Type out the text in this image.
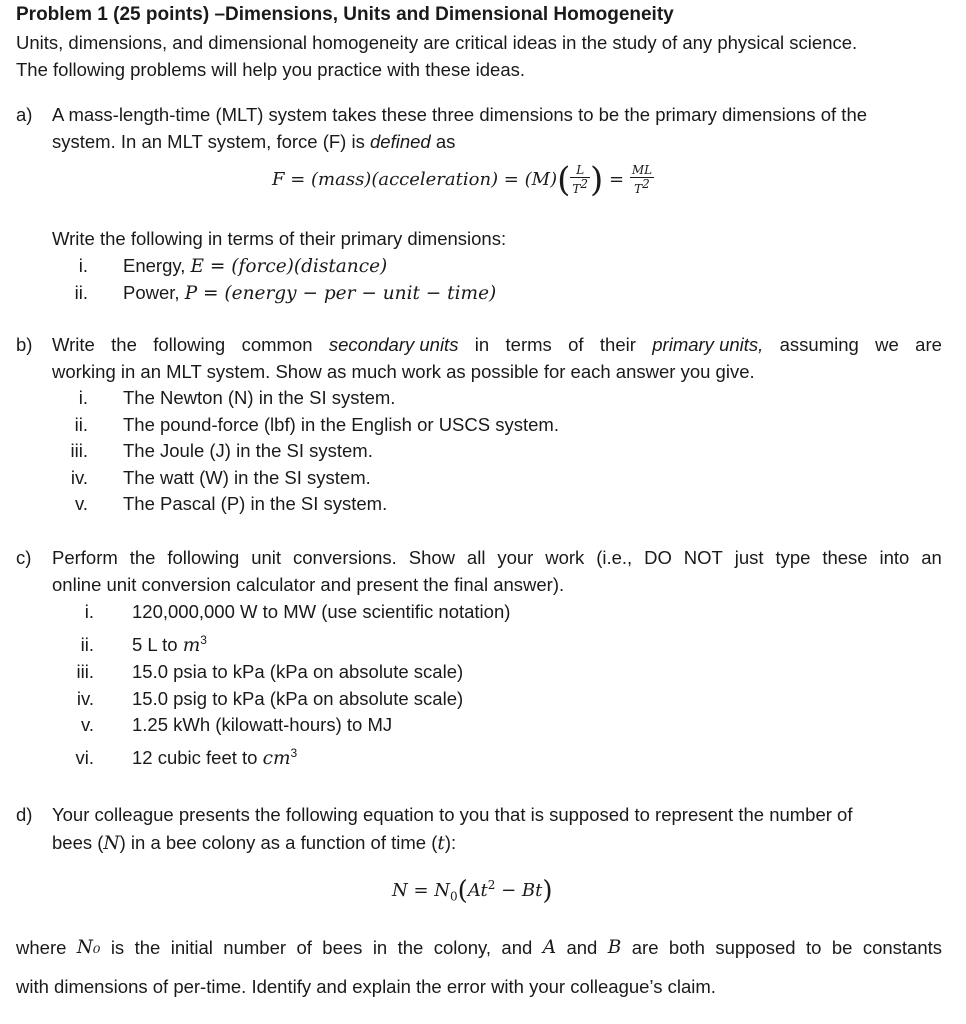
Problem 1 (25 points) –Dimensions, Units and Dimensional Homogeneity
Units, dimensions, and dimensional homogeneity are critical ideas in the study of any physical science.
The following problems will help you practice with these ideas.
a) A mass-length-time (MLT) system takes these three dimensions to be the primary dimensions of the
system. In an MLT system, force (F) is defined as
F = (mass)(acceleration) = $(M)( \frac{L}{T^2}$ ) = $\frac{ML}{T^2}$
Write the following in terms of their primary dimensions:
i. Energy, E = (force)(distance)
ii. Power, P = (energy − per − unit − time)
b) Write the following common secondary units in terms of their primary units, assuming we are
working in an MLT system. Show as much work as possible for each answer you give.
i. The Newton (N) in the SI system.
ii. The pound-force (lbf) in the English or USCS system.
iii. The Joule (J) in the SI system.
iv. The watt (W) in the SI system.
v. The Pascal (P) in the SI system.
c) Perform the following unit conversions. Show all your work (i.e., DO NOT just type these into an
online unit conversion calculator and present the final answer).
i. 120,000,000 W to MW (use scientific notation)
ii. 5 L to $m^3$
iii. 15.0 psia to kPa (kPa on absolute scale)
iv. 15.0 psig to kPa (kPa on absolute scale)
v. 1.25 kWh (kilowatt-hours) to MJ
vi. 12 cubic feet to $cm^3$
d) Your colleague presents the following equation to you that is supposed to represent the number of
bees (N) in a bee colony as a function of time (t):
$N = N_0(At^2 - Bt)$
where N₀ is the initial number of bees in the colony, and A and B are both supposed to be constants
with dimensions of per-time. Identify and explain the error with your colleague’s claim.
